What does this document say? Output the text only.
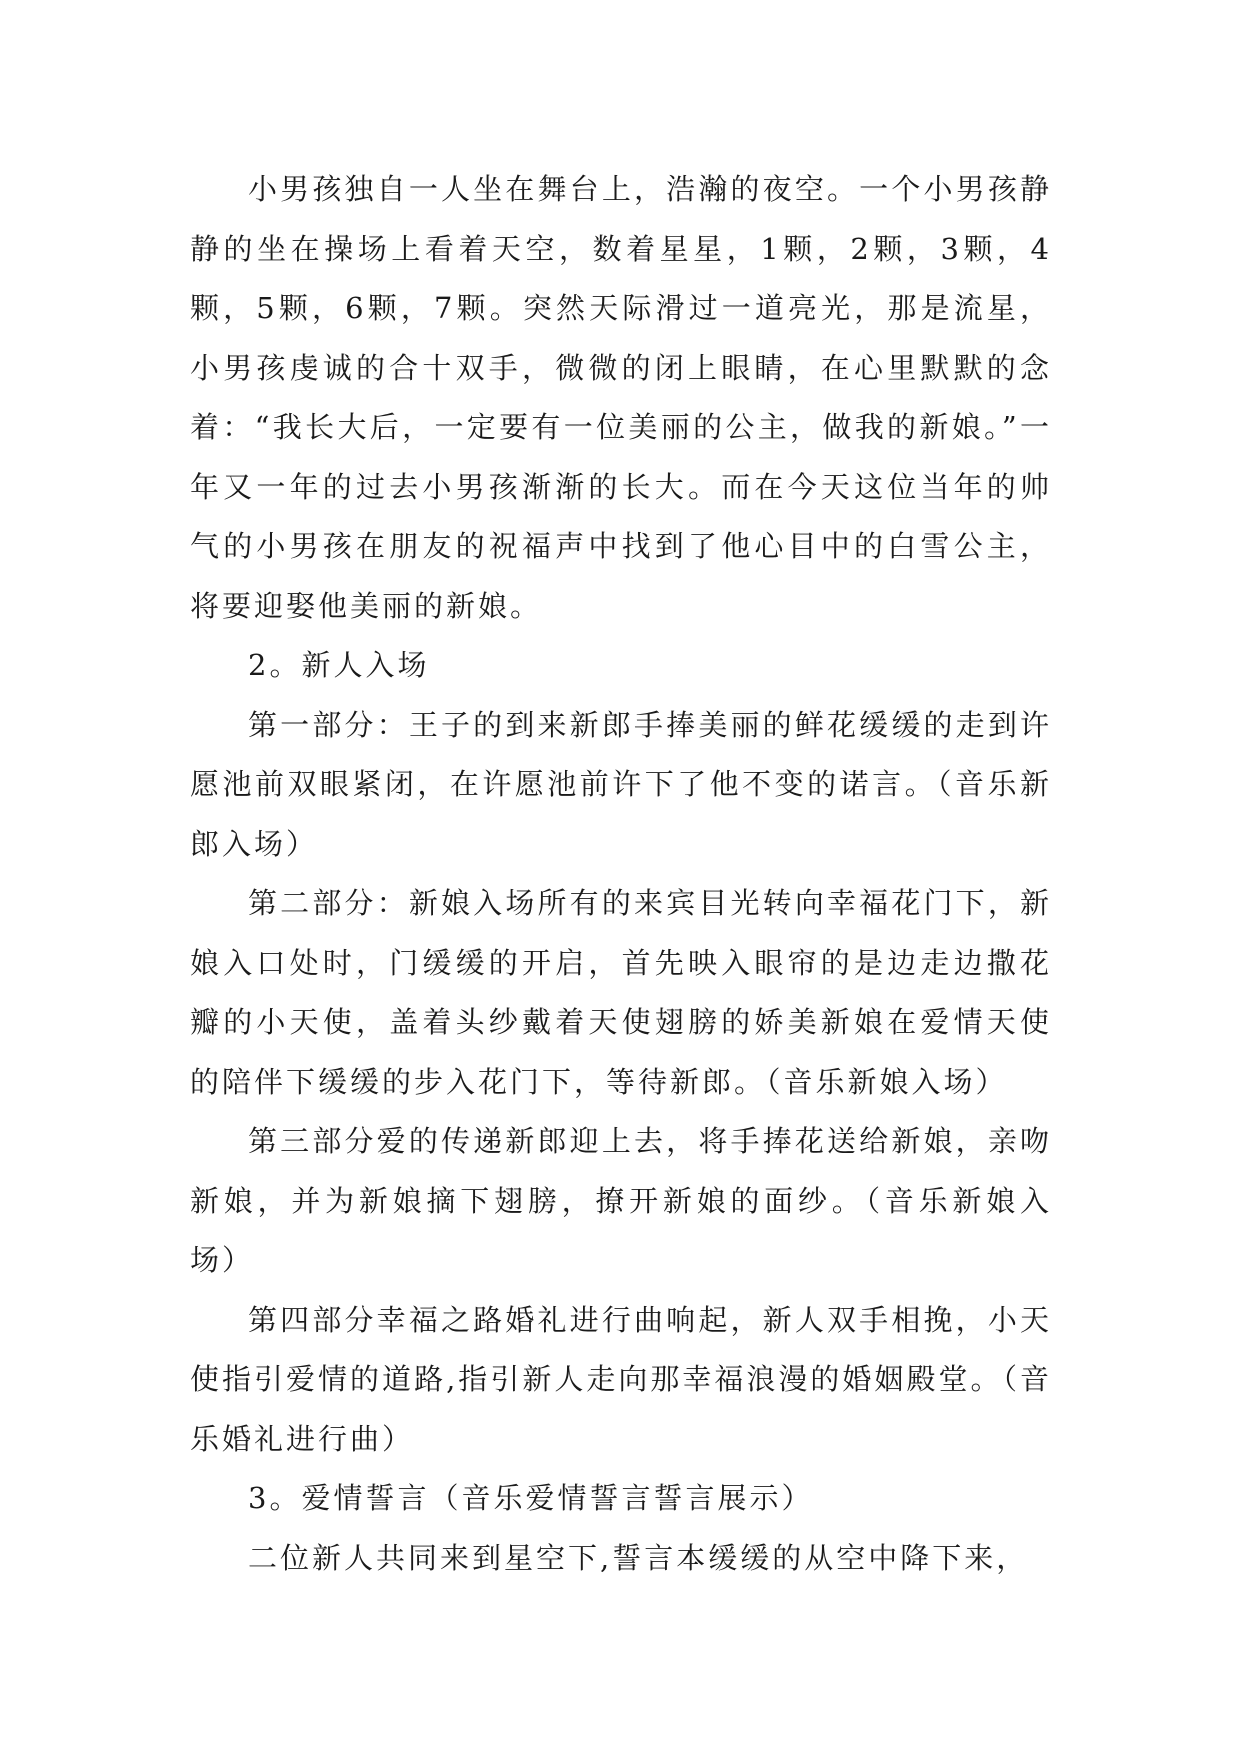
小男孩独自一人坐在舞台上，浩瀚的夜空。一个小男孩静静的坐在操场上看着天空，数着星星，1颗，2颗，3颗，4颗，5颗，6颗，7颗。突然天际滑过一道亮光，那是流星，小男孩虔诚的合十双手，微微的闭上眼睛，在心里默默的念着：“我长大后，一定要有一位美丽的公主，做我的新娘。”一年又一年的过去小男孩渐渐的长大。而在今天这位当年的帅气的小男孩在朋友的祝福声中找到了他心目中的白雪公主，将要迎娶他美丽的新娘。

2。新人入场

第一部分：王子的到来新郎手捧美丽的鲜花缓缓的走到许愿池前双眼紧闭，在许愿池前许下了他不变的诺言。（音乐新郎入场）

第二部分：新娘入场所有的来宾目光转向幸福花门下，新娘入口处时，门缓缓的开启，首先映入眼帘的是边走边撒花瓣的小天使，盖着头纱戴着天使翅膀的娇美新娘在爱情天使的陪伴下缓缓的步入花门下，等待新郎。（音乐新娘入场）

第三部分爱的传递新郎迎上去，将手捧花送给新娘，亲吻新娘，并为新娘摘下翅膀，撩开新娘的面纱。（音乐新娘入场）

第四部分幸福之路婚礼进行曲响起，新人双手相挽，小天使指引爱情的道路,指引新人走向那幸福浪漫的婚姻殿堂。（音乐婚礼进行曲）

3。爱情誓言（音乐爱情誓言誓言展示）

二位新人共同来到星空下,誓言本缓缓的从空中降下来，
